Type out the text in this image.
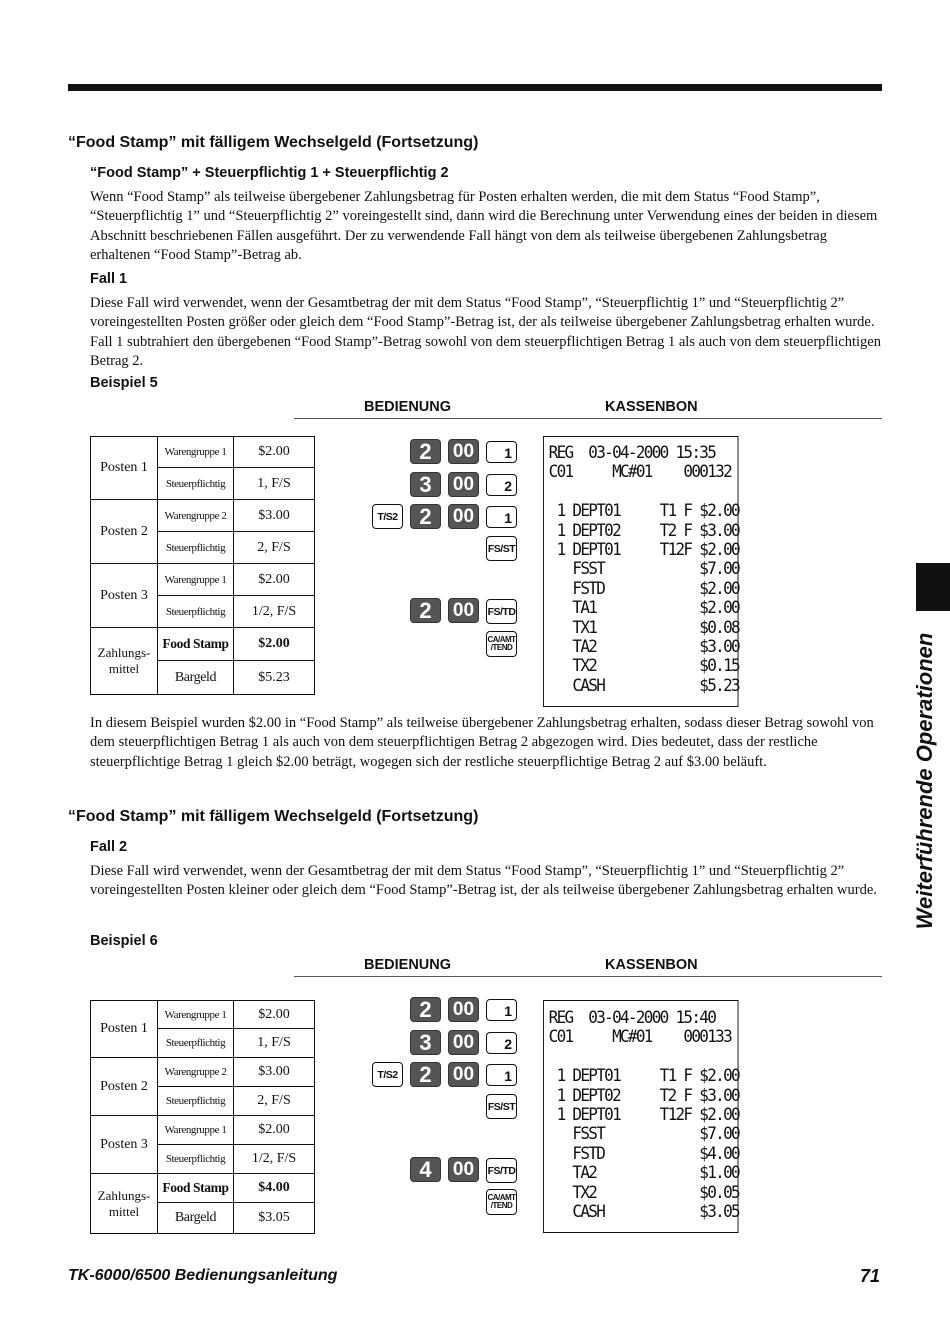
“Food Stamp” mit fälligem Wechselgeld (Fortsetzung)
“Food Stamp” + Steuerpflichtig 1 + Steuerpflichtig 2
Wenn “Food Stamp” als teilweise übergebener Zahlungsbetrag für Posten erhalten werden, die mit dem Status “Food Stamp”, “Steuerpflichtig 1” und “Steuerpflichtig 2” voreingestellt sind, dann wird die Berechnung unter Verwendung eines der beiden in diesem Abschnitt beschriebenen Fällen ausgeführt. Der zu verwendende Fall hängt von dem als teilweise übergebenen Zahlungsbetrag erhaltenen “Food Stamp”-Betrag ab.
Fall 1
Diese Fall wird verwendet, wenn der Gesamtbetrag der mit dem Status “Food Stamp”, “Steuerpflichtig 1” und “Steuerpflichtig 2” voreingestellten Posten größer oder gleich dem “Food Stamp”-Betrag ist, der als teilweise übergebener Zahlungsbetrag erhalten wurde. Fall 1 subtrahiert den übergebenen “Food Stamp”-Betrag sowohl von dem steuerpflichtigen Betrag 1 als auch von dem steuerpflichtigen Betrag 2.
Beispiel 5
BEDIENUNG	KASSENBON
Posten 1	Warengruppe 1	$2.00
	Steuerpflichtig	1, F/S
Posten 2	Warengruppe 2	$3.00
	Steuerpflichtig	2, F/S
Posten 3	Warengruppe 1	$2.00
	Steuerpflichtig	1/2, F/S
Zahlungs-
mittel	Food Stamp	$2.00
	Bargeld	$5.23
2	00	1
3	00	2
T/S2 2	00	1
FS/ST
2	00	FS/TD
CA/AMT
/TEND
REG  03-04-2000 15:35
C01     MC#01    000132
1 DEPT01     T1 F $2.00
1 DEPT02     T2 F $3.00
1 DEPT01     T12F $2.00
FSST            $7.00
FSTD            $2.00
TA1             $2.00
TX1             $0.08
TA2             $3.00
TX2             $0.15
CASH            $5.23
In diesem Beispiel wurden $2.00 in “Food Stamp” als teilweise übergebener Zahlungsbetrag erhalten, sodass dieser Betrag sowohl von dem steuerpflichtigen Betrag 1 als auch von dem steuerpflichtigen Betrag 2 abgezogen wird. Dies bedeutet, dass der restliche steuerpflichtige Betrag 1 gleich $2.00 beträgt, wogegen sich der restliche steuerpflichtige Betrag 2 auf $3.00 beläuft.
“Food Stamp” mit fälligem Wechselgeld (Fortsetzung)
Fall 2
Diese Fall wird verwendet, wenn der Gesamtbetrag der mit dem Status “Food Stamp”, “Steuerpflichtig 1” und “Steuerpflichtig 2” voreingestellten Posten kleiner oder gleich dem “Food Stamp”-Betrag ist, der als teilweise übergebener Zahlungsbetrag erhalten wurde.
Beispiel 6
BEDIENUNG	KASSENBON
Posten 1	Warengruppe 1	$2.00
	Steuerpflichtig	1, F/S
Posten 2	Warengruppe 2	$3.00
	Steuerpflichtig	2, F/S
Posten 3	Warengruppe 1	$2.00
	Steuerpflichtig	1/2, F/S
Zahlungs-
mittel	Food Stamp	$4.00
	Bargeld	$3.05
2	00	1
3	00	2
T/S2 2	00	1
FS/ST
4	00	FS/TD
CA/AMT
/TEND
REG  03-04-2000 15:40
C01     MC#01    000133
1 DEPT01     T1 F $2.00
1 DEPT02     T2 F $3.00
1 DEPT01     T12F $2.00
FSST            $7.00
FSTD            $4.00
TA2             $1.00
TX2             $0.05
CASH            $3.05
Weiterführende Operationen
TK-6000/6500 Bedienungsanleitung	71
